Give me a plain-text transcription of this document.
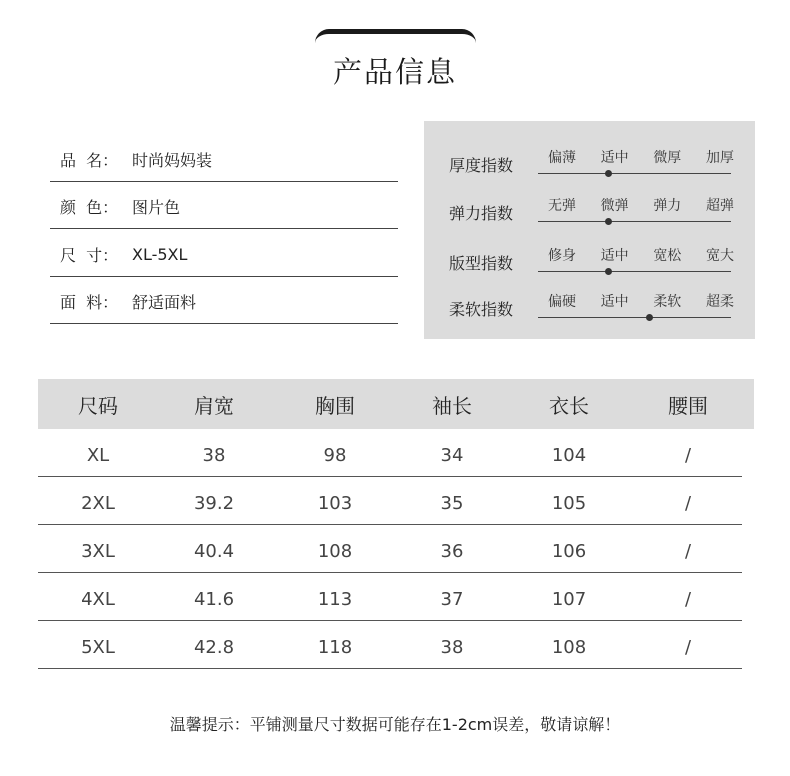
产品信息
品  名： 时尚妈妈装
颜  色： 图片色
尺  寸： XL-5XL
面  料： 舒适面料
厚度指数 偏薄 适中 微厚 加厚
弹力指数 无弹 微弹 弹力 超弹
版型指数 修身 适中 宽松 宽大
柔软指数 偏硬 适中 柔软 超柔
尺码	肩宽	胸围	袖长	衣长	腰围
XL	38	98	34	104	/
2XL	39.2	103	35	105	/
3XL	40.4	108	36	106	/
4XL	41.6	113	37	107	/
5XL	42.8	118	38	108	/
温馨提示：平铺测量尺寸数据可能存在1-2cm误差，敬请谅解！
